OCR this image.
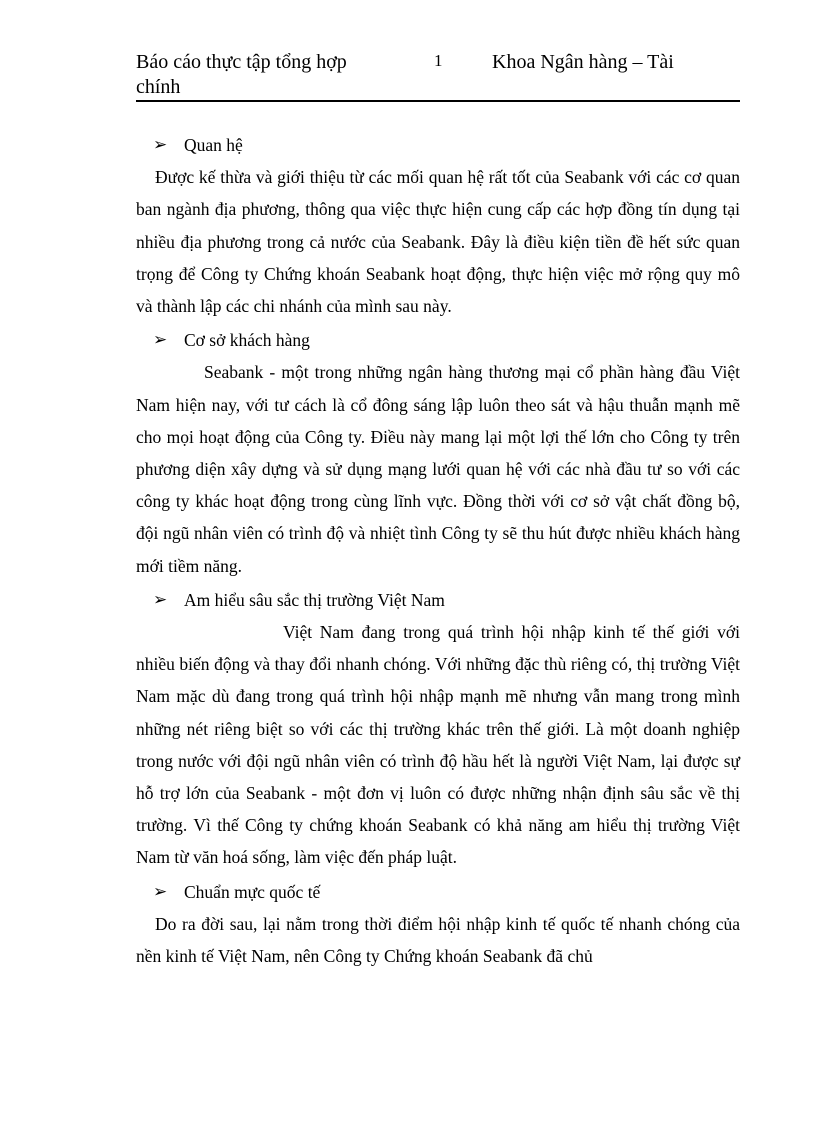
Báo cáo thực tập tổng hợp chính
1 Khoa Ngân hàng – Tài
➢ Quan hệ
Được kế thừa và giới thiệu từ các mối quan hệ rất tốt của Seabank với các cơ quan ban ngành địa phương, thông qua việc thực hiện cung cấp các hợp đồng tín dụng tại nhiều địa phương trong cả nước của Seabank. Đây là điều kiện tiền đề hết sức quan trọng để Công ty Chứng khoán Seabank hoạt động, thực hiện việc mở rộng quy mô và thành lập các chi nhánh của mình sau này.
➢ Cơ sở khách hàng
Seabank - một trong những ngân hàng thương mại cổ phần hàng đầu Việt Nam hiện nay, với tư cách là cổ đông sáng lập luôn theo sát và hậu thuẫn mạnh mẽ cho mọi hoạt động của Công ty. Điều này mang lại một lợi thế lớn cho Công ty trên phương diện xây dựng và sử dụng mạng lưới quan hệ với các nhà đầu tư so với các công ty khác hoạt động trong cùng lĩnh vực. Đồng thời với cơ sở vật chất đồng bộ, đội ngũ nhân viên có trình độ và nhiệt tình Công ty sẽ thu hút được nhiều khách hàng mới tiềm năng.
➢ Am hiểu sâu sắc thị trường Việt Nam
Việt Nam đang trong quá trình hội nhập kinh tế thế giới với nhiều biến động và thay đổi nhanh chóng. Với những đặc thù riêng có, thị trường Việt Nam mặc dù đang trong quá trình hội nhập mạnh mẽ nhưng vẫn mang trong mình những nét riêng biệt so với các thị trường khác trên thế giới. Là một doanh nghiệp trong nước với đội ngũ nhân viên có trình độ hầu hết là người Việt Nam, lại được sự hỗ trợ lớn của Seabank - một đơn vị luôn có được những nhận định sâu sắc về thị trường. Vì thế Công ty chứng khoán Seabank có khả năng am hiểu thị trường Việt Nam từ văn hoá sống, làm việc đến pháp luật.
➢ Chuẩn mực quốc tế
Do ra đời sau, lại nằm trong thời điểm hội nhập kinh tế quốc tế nhanh chóng của nền kinh tế Việt Nam, nên Công ty Chứng khoán Seabank đã chủ
